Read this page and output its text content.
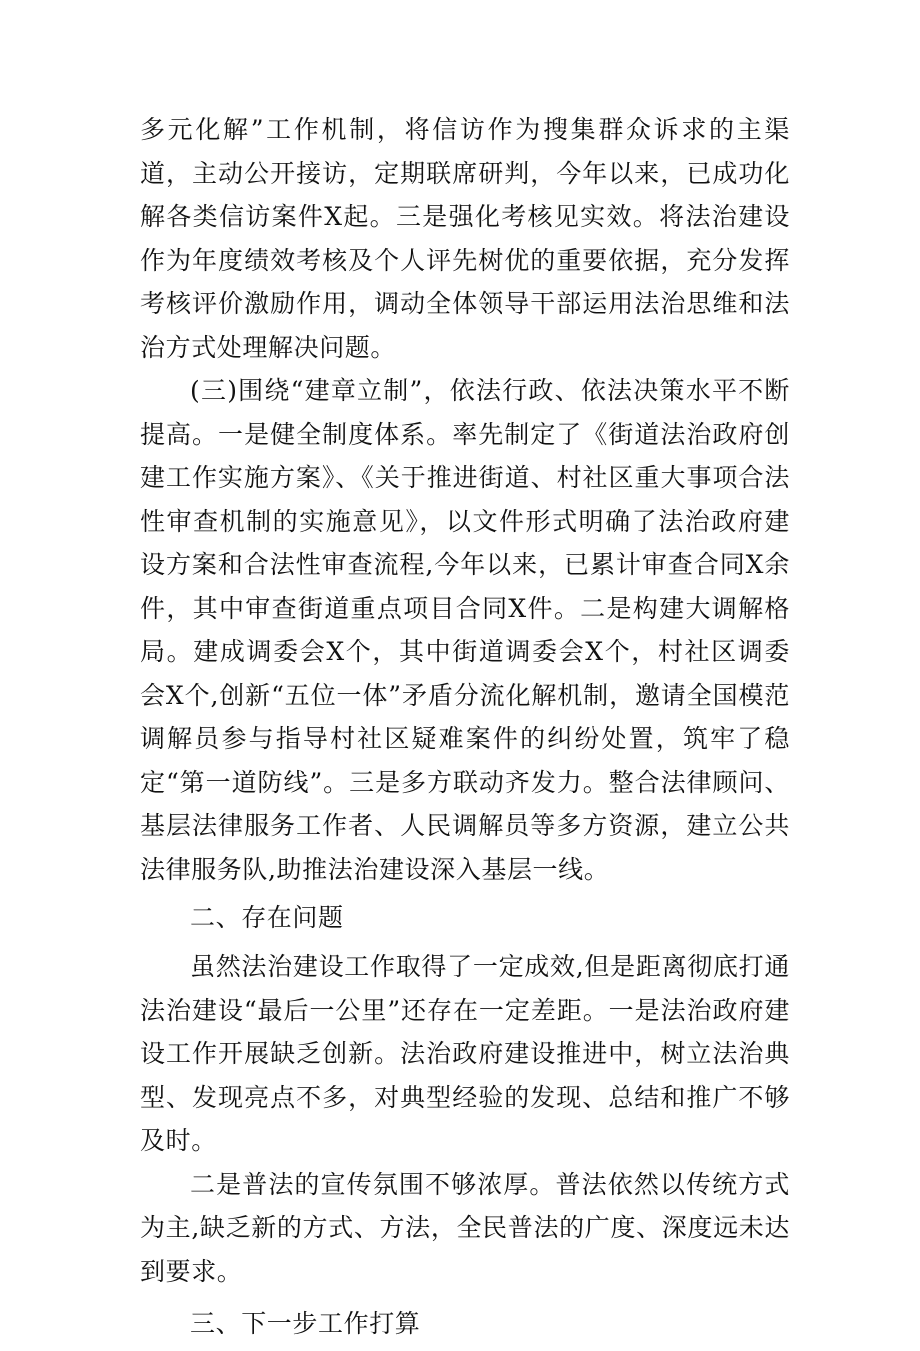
多元化解”工作机制，将信访作为搜集群众诉求的主渠道，主动公开接访，定期联席研判，今年以来，已成功化解各类信访案件X起。三是强化考核见实效。将法治建设作为年度绩效考核及个人评先树优的重要依据，充分发挥考核评价激励作用，调动全体领导干部运用法治思维和法治方式处理解决问题。

(三)围绕“建章立制”，依法行政、依法决策水平不断提高。一是健全制度体系。率先制定了《街道法治政府创建工作实施方案》、《关于推进街道、村社区重大事项合法性审查机制的实施意见》，以文件形式明确了法治政府建设方案和合法性审查流程,今年以来，已累计审查合同X余件，其中审查街道重点项目合同X件。二是构建大调解格局。建成调委会X个，其中街道调委会X个，村社区调委会X个,创新“五位一体”矛盾分流化解机制，邀请全国模范调解员参与指导村社区疑难案件的纠纷处置，筑牢了稳定“第一道防线”。三是多方联动齐发力。整合法律顾问、基层法律服务工作者、人民调解员等多方资源，建立公共法律服务队,助推法治建设深入基层一线。

二、存在问题

虽然法治建设工作取得了一定成效,但是距离彻底打通法治建设“最后一公里”还存在一定差距。一是法治政府建设工作开展缺乏创新。法治政府建设推进中，树立法治典型、发现亮点不多，对典型经验的发现、总结和推广不够及时。

二是普法的宣传氛围不够浓厚。普法依然以传统方式为主,缺乏新的方式、方法，全民普法的广度、深度远未达到要求。

三、下一步工作打算
